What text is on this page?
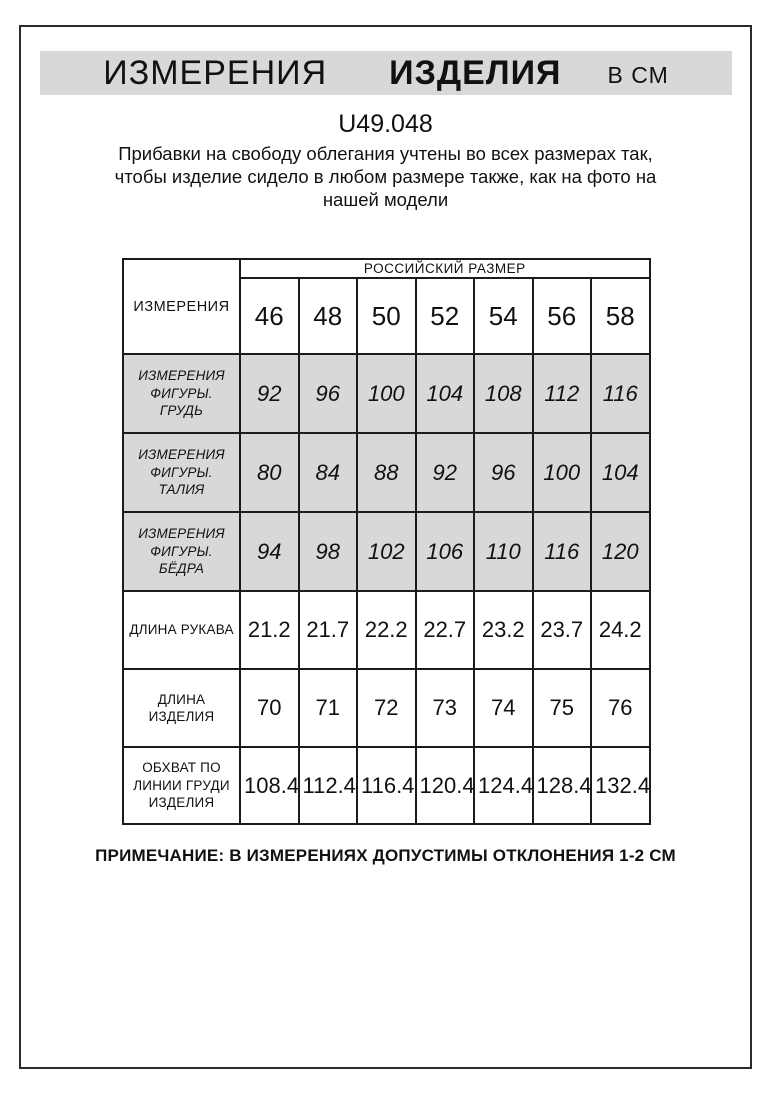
ИЗМЕРЕНИЯ ИЗДЕЛИЯ В СМ
U49.048
Прибавки на свободу облегания учтены во всех размерах так,
чтобы изделие сидело в любом размере также, как на фото на
нашей модели
ИЗМЕРЕНИЯ	РОССИЙСКИЙ РАЗМЕР						
	46	48	50	52	54	56	58
ИЗМЕРЕНИЯ ФИГУРЫ. ГРУДЬ	92	96	100	104	108	112	116
ИЗМЕРЕНИЯ ФИГУРЫ. ТАЛИЯ	80	84	88	92	96	100	104
ИЗМЕРЕНИЯ ФИГУРЫ. БЁДРА	94	98	102	106	110	116	120
ДЛИНА РУКАВА	21.2	21.7	22.2	22.7	23.2	23.7	24.2
ДЛИНА ИЗДЕЛИЯ	70	71	72	73	74	75	76
ОБХВАТ ПО ЛИНИИ ГРУДИ ИЗДЕЛИЯ	108.4	112.4	116.4	120.4	124.4	128.4	132.4
ПРИМЕЧАНИЕ: В ИЗМЕРЕНИЯХ ДОПУСТИМЫ ОТКЛОНЕНИЯ 1-2 СМ
